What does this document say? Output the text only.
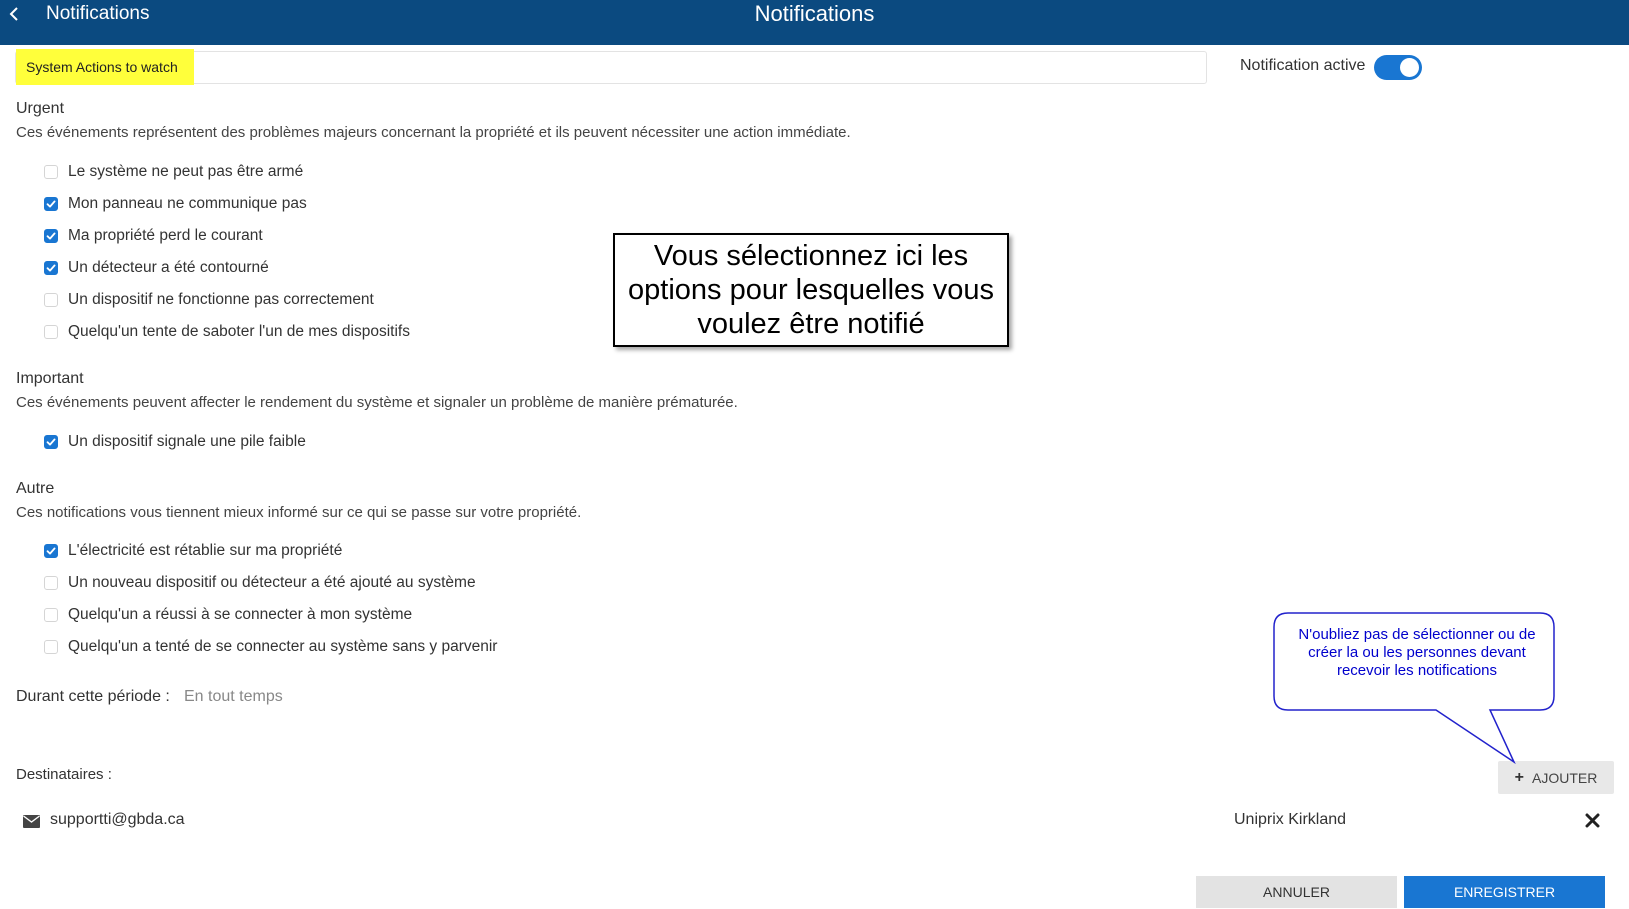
Notifications	Notifications
System Actions to watch	Notification active
Urgent
Ces événements représentent des problèmes majeurs concernant la propriété et ils peuvent nécessiter une action immédiate.
Le système ne peut pas être armé
Mon panneau ne communique pas
Ma propriété perd le courant
Un détecteur a été contourné
Un dispositif ne fonctionne pas correctement
Quelqu'un tente de saboter l'un de mes dispositifs
Important
Ces événements peuvent affecter le rendement du système et signaler un problème de manière prématurée.
Un dispositif signale une pile faible
Autre
Ces notifications vous tiennent mieux informé sur ce qui se passe sur votre propriété.
L'électricité est rétablie sur ma propriété
Un nouveau dispositif ou détecteur a été ajouté au système
Quelqu'un a réussi à se connecter à mon système
Quelqu'un a tenté de se connecter au système sans y parvenir
Durant cette période : En tout temps
Destinataires :	+ AJOUTER
supportti@gbda.ca	Uniprix Kirkland
ANNULER	ENREGISTRER
Vous sélectionnez ici les options pour lesquelles vous voulez être notifié
N'oubliez pas de sélectionner ou de créer la ou les personnes devant recevoir les notifications
